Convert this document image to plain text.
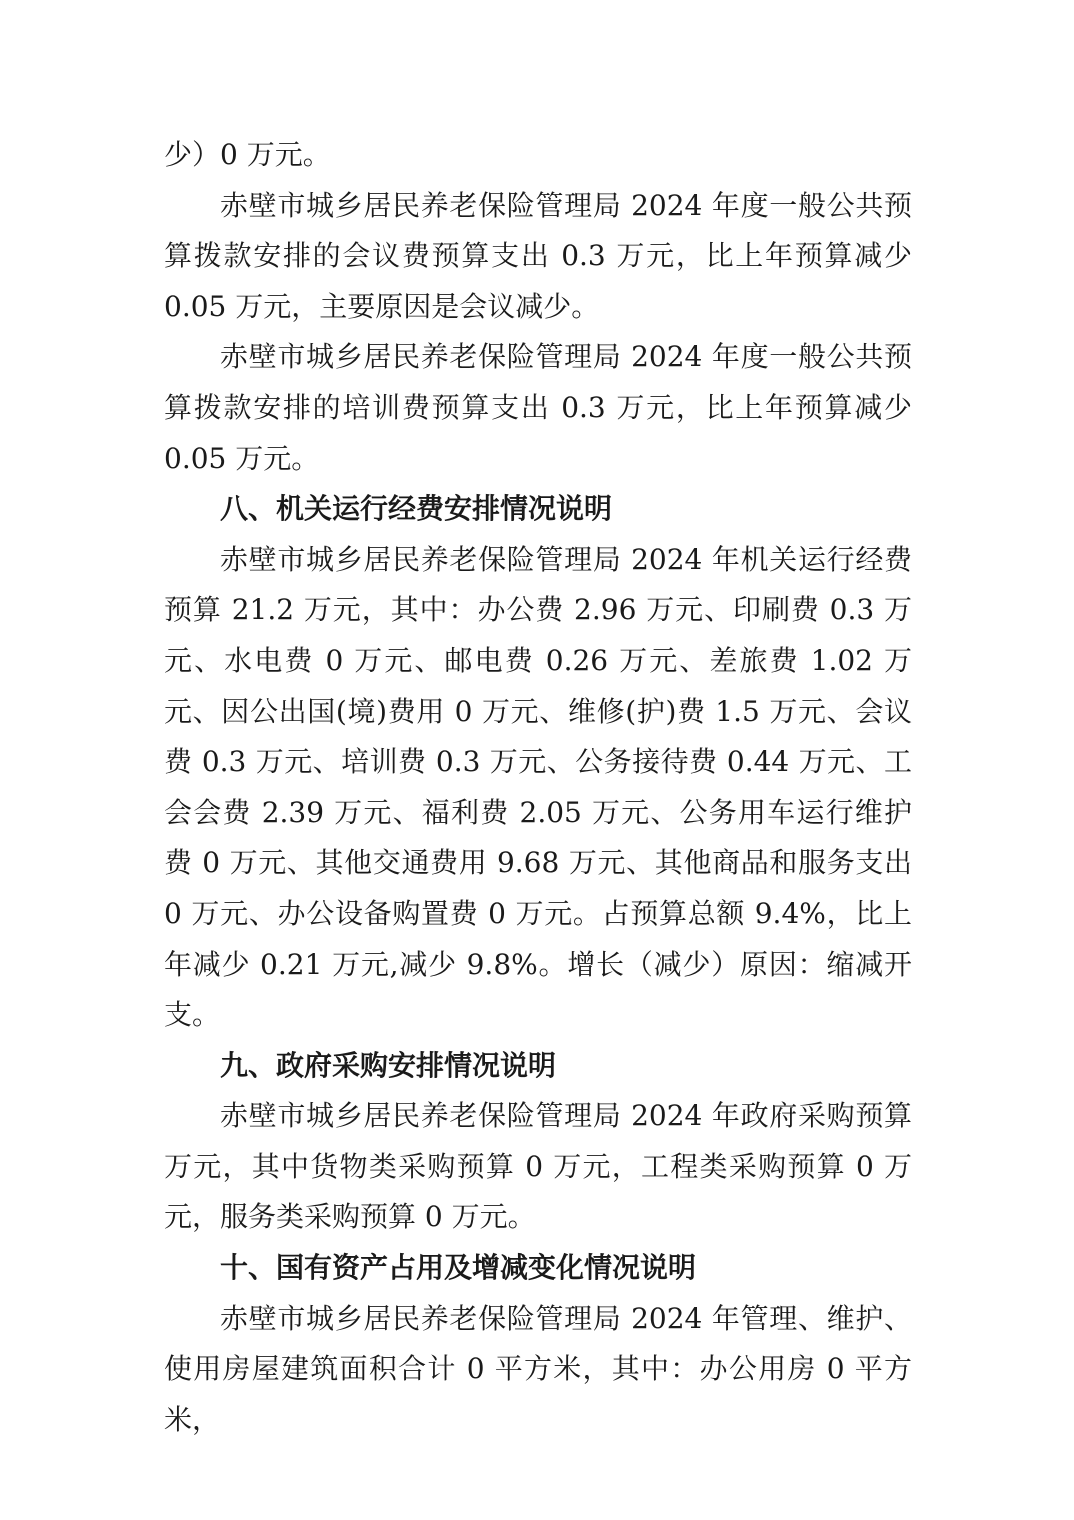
少）0 万元。

赤壁市城乡居民养老保险管理局 2024 年度一般公共预算拨款安排的会议费预算支出 0.3 万元，比上年预算减少 0.05 万元，主要原因是会议减少。

赤壁市城乡居民养老保险管理局 2024 年度一般公共预算拨款安排的培训费预算支出 0.3 万元，比上年预算减少 0.05 万元。

八、机关运行经费安排情况说明

赤壁市城乡居民养老保险管理局 2024 年机关运行经费预算 21.2 万元，其中：办公费 2.96 万元、印刷费 0.3 万元、水电费 0 万元、邮电费 0.26 万元、差旅费 1.02 万元、因公出国(境)费用 0 万元、维修(护)费 1.5 万元、会议费 0.3 万元、培训费 0.3 万元、公务接待费 0.44 万元、工会会费 2.39 万元、福利费 2.05 万元、公务用车运行维护费 0 万元、其他交通费用 9.68 万元、其他商品和服务支出 0 万元、办公设备购置费 0 万元。占预算总额 9.4%，比上年减少 0.21 万元,减少 9.8%。增长（减少）原因：缩减开支。

九、政府采购安排情况说明

赤壁市城乡居民养老保险管理局 2024 年政府采购预算万元，其中货物类采购预算 0 万元，工程类采购预算 0 万元，服务类采购预算 0 万元。

十、国有资产占用及增减变化情况说明

赤壁市城乡居民养老保险管理局 2024 年管理、维护、使用房屋建筑面积合计 0 平方米，其中：办公用房 0 平方米，
